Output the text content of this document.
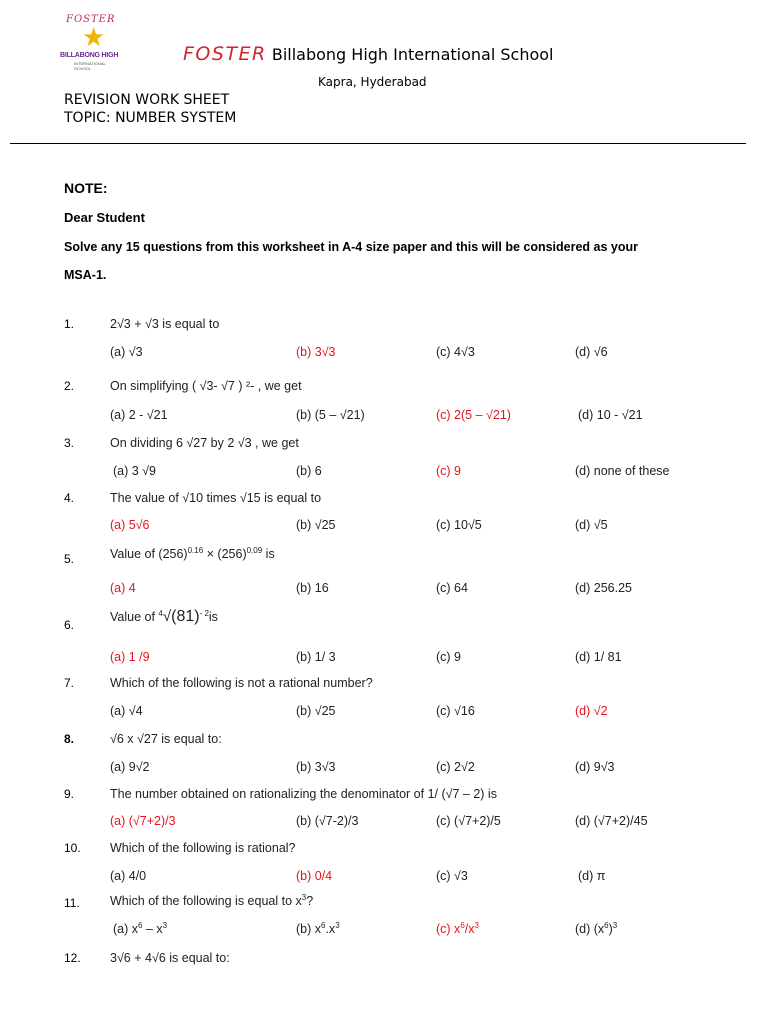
FOSTER
★
BILLABONG HIGH
INTERNATIONAL SCHOOL
FOSTER Billabong High International School
Kapra, Hyderabad
REVISION WORK SHEET
TOPIC: NUMBER SYSTEM
NOTE:
Dear Student
Solve any 15 questions from this worksheet in A-4 size paper and this will be considered as your
MSA-1.
1.	2√3 + √3 is equal to
(a) √3	(b) 3√3	(c) 4√3	(d) √6
2.	On simplifying ( √3- √7 ) ²- , we get
(a) 2 - √21	(b) (5 – √21)	(c) 2(5 – √21)	(d) 10 - √21
3.	On dividing 6 √27 by 2 √3 , we get
(a) 3 √9	(b) 6	(c) 9	(d) none of these
4.	The value of √10 times √15 is equal to
(a) 5√6	(b) √25	(c) 10√5	(d) √5
5.	Value of $(256)^{0.16} \times (256)^{0.09}$ is
(a) 4	(b) 16	(c) 64	(d) 256.25
6.
Value of $^4√(81)^{- 2}is$
(a) 1 /9	(b) 1/ 3	(c) 9	(d) 1/ 81
7.	Which of the following is not a rational number?
(a) √4	(b) √25	(c) √16	(d) √2
8.	√6 x √27 is equal to:
(a) 9√2	(b) 3√3	(c) 2√2	(d) 9√3
9.	The number obtained on rationalizing the denominator of 1/ (√7 – 2) is
(a) (√7+2)/3	(b) (√7-2)/3	(c) (√7+2)/5	(d) (√7+2)/45
10. Which of the following is rational?
(a) 4/0	(b) 0/4	(c) √3	(d) π
11. Which of the following is equal to $x^3$?
(a) $x^6 - x^3$	(b) $x^6.x^3$	(c) $x^6/x^3$	(d) $(x^6)^3$
12. 3√6 + 4√6 is equal to:
